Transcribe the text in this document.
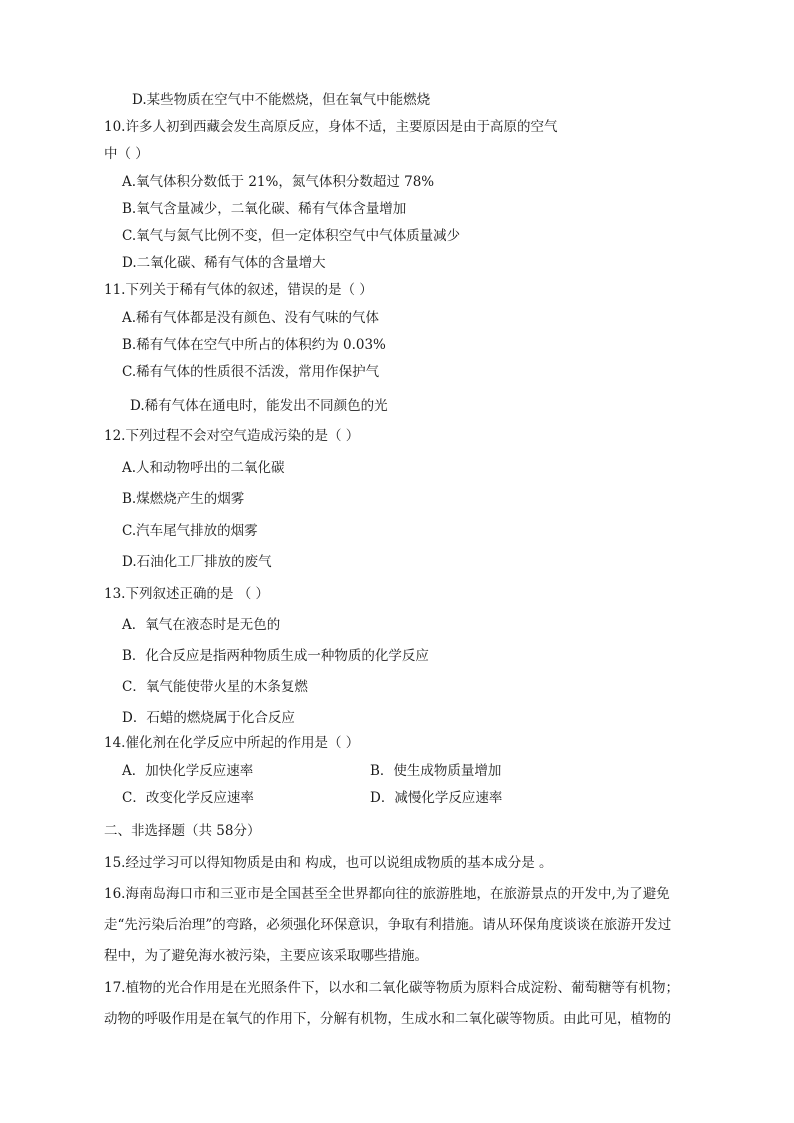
D.某些物质在空气中不能燃烧，但在氧气中能燃烧
10.许多人初到西藏会发生高原反应，身体不适，主要原因是由于高原的空气
中（ ）
A.氧气体积分数低于 21%，氮气体积分数超过 78%
B.氧气含量减少，二氧化碳、稀有气体含量增加
C.氧气与氮气比例不变，但一定体积空气中气体质量减少
D.二氧化碳、稀有气体的含量增大
11.下列关于稀有气体的叙述，错误的是（ ）
A.稀有气体都是没有颜色、没有气味的气体
B.稀有气体在空气中所占的体积约为 0.03%
C.稀有气体的性质很不活泼，常用作保护气
D.稀有气体在通电时，能发出不同颜色的光
12.下列过程不会对空气造成污染的是（ ）
A.人和动物呼出的二氧化碳
B.煤燃烧产生的烟雾
C.汽车尾气排放的烟雾
D.石油化工厂排放的废气
13.下列叙述正确的是 （ ）
A．氧气在液态时是无色的
B．化合反应是指两种物质生成一种物质的化学反应
C．氧气能使带火星的木条复燃
D．石蜡的燃烧属于化合反应
14.催化剂在化学反应中所起的作用是（ ）
A．加快化学反应速率	B．使生成物质量增加
C．改变化学反应速率	D．减慢化学反应速率
二、非选择题（共 58分）
15.经过学习可以得知物质是由和 构成，也可以说组成物质的基本成分是 。
16.海南岛海口市和三亚市是全国甚至全世界都向往的旅游胜地，在旅游景点的开发中,为了避免
走“先污染后治理”的弯路，必须强化环保意识，争取有利措施。请从环保角度谈谈在旅游开发过
程中，为了避免海水被污染，主要应该采取哪些措施。
17.植物的光合作用是在光照条件下，以水和二氧化碳等物质为原料合成淀粉、葡萄糖等有机物；
动物的呼吸作用是在氧气的作用下，分解有机物，生成水和二氧化碳等物质。由此可见，植物的
